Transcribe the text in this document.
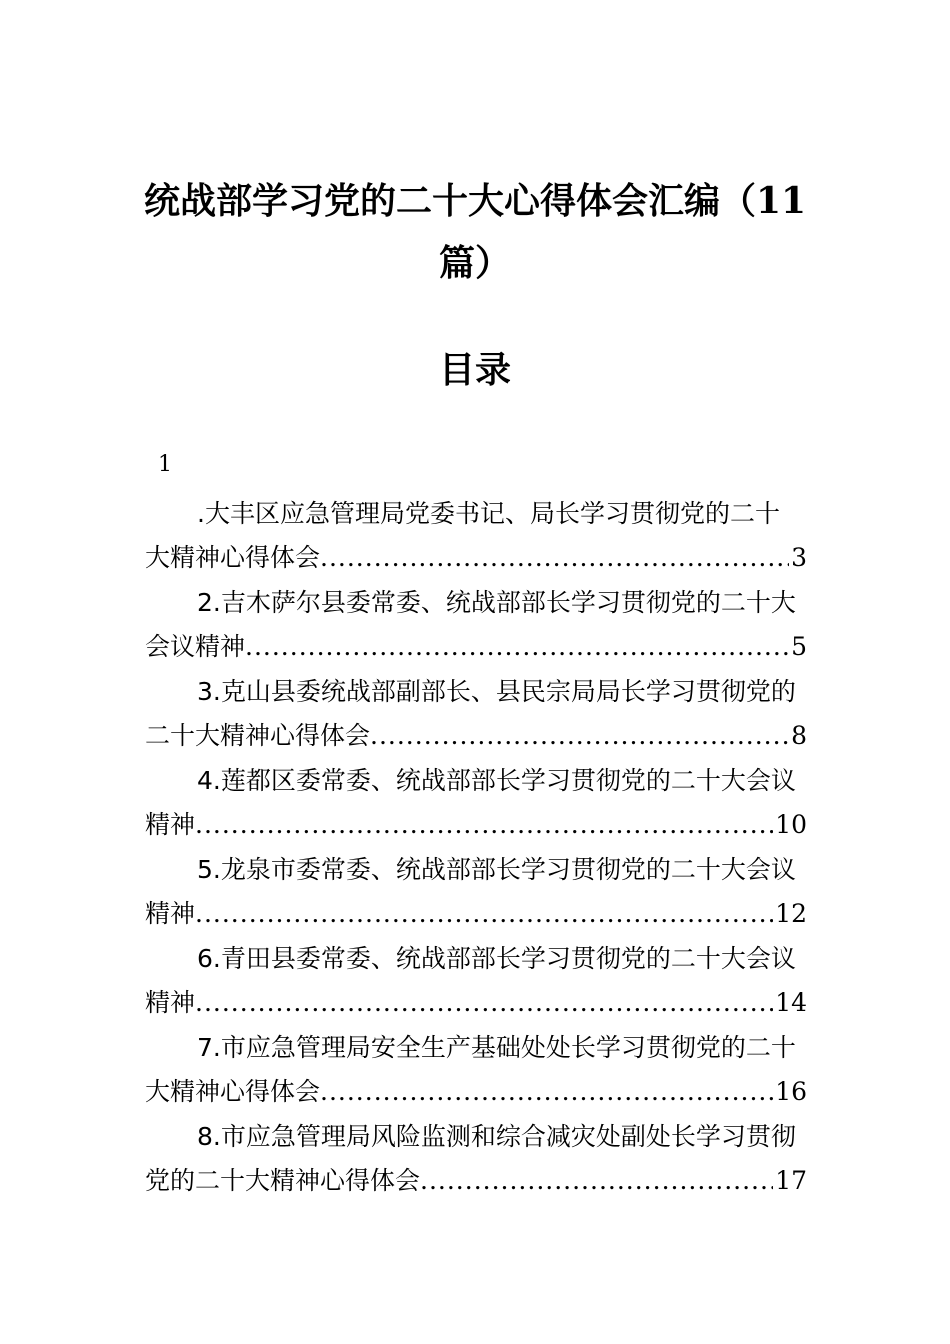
统战部学习党的二十大心得体会汇编（11篇）
目录
1
.大丰区应急管理局党委书记、局长学习贯彻党的二十
大精神心得体会 .....	3
2.吉木萨尔县委常委、统战部部长学习贯彻党的二十大
会议精神 .....	5
3.克山县委统战部副部长、县民宗局局长学习贯彻党的
二十大精神心得体会 .....	8
4.莲都区委常委、统战部部长学习贯彻党的二十大会议
精神 .....	10
5.龙泉市委常委、统战部部长学习贯彻党的二十大会议
精神 .....	12
6.青田县委常委、统战部部长学习贯彻党的二十大会议
精神 .....	14
7.市应急管理局安全生产基础处处长学习贯彻党的二十
大精神心得体会 .....	16
8.市应急管理局风险监测和综合减灾处副处长学习贯彻
党的二十大精神心得体会 .....	17
